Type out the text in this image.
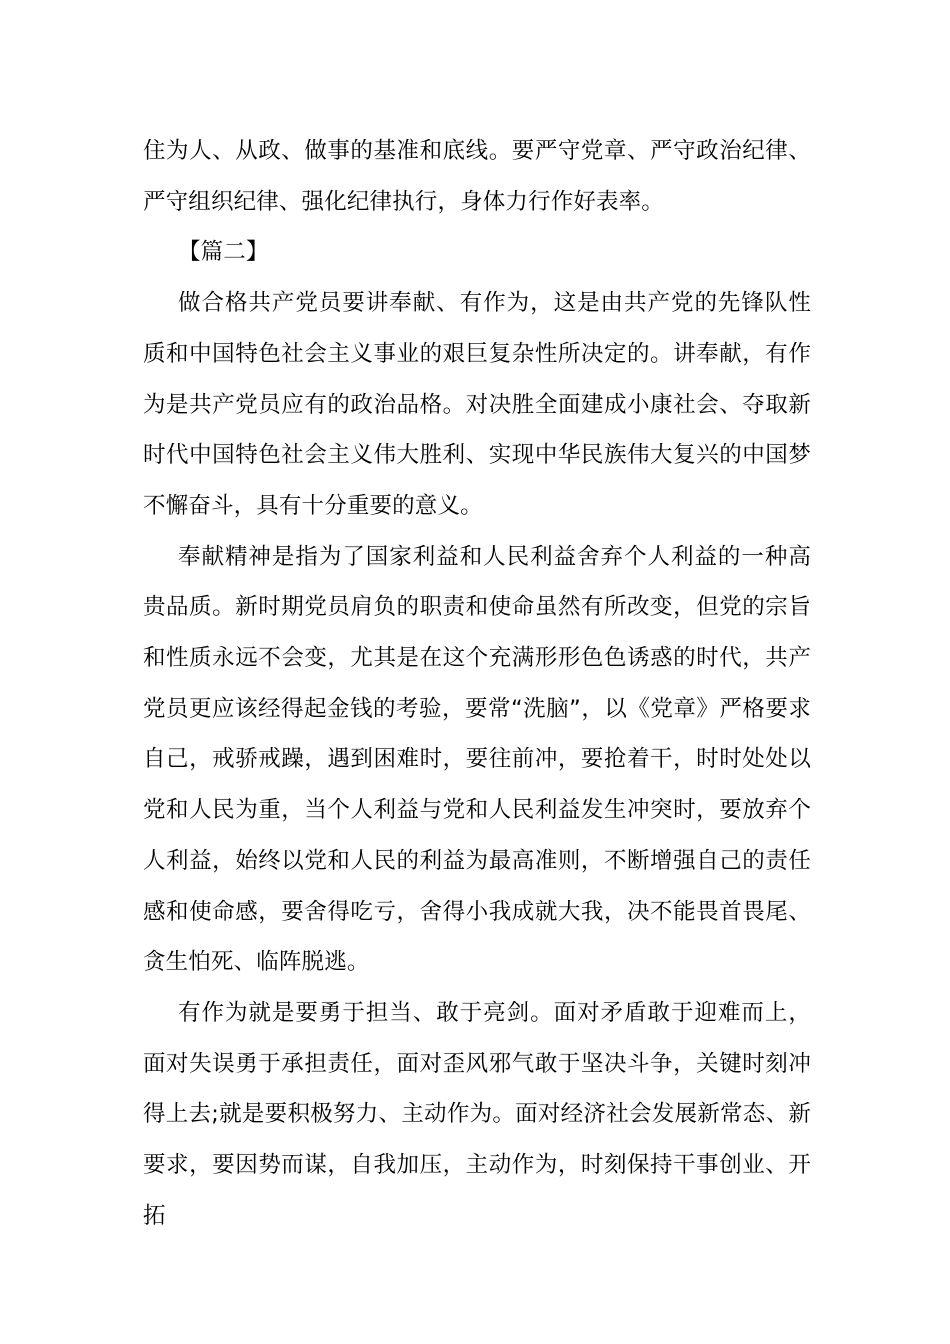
住为人、从政、做事的基准和底线。要严守党章、严守政治纪律、严守组织纪律、强化纪律执行，身体力行作好表率。

【篇二】

做合格共产党员要讲奉献、有作为，这是由共产党的先锋队性质和中国特色社会主义事业的艰巨复杂性所决定的。讲奉献，有作为是共产党员应有的政治品格。对决胜全面建成小康社会、夺取新时代中国特色社会主义伟大胜利、实现中华民族伟大复兴的中国梦不懈奋斗，具有十分重要的意义。

奉献精神是指为了国家利益和人民利益舍弃个人利益的一种高贵品质。新时期党员肩负的职责和使命虽然有所改变，但党的宗旨和性质永远不会变，尤其是在这个充满形形色色诱惑的时代，共产党员更应该经得起金钱的考验，要常“洗脑”，以《党章》严格要求自己，戒骄戒躁，遇到困难时，要往前冲，要抢着干，时时处处以党和人民为重，当个人利益与党和人民利益发生冲突时，要放弃个人利益，始终以党和人民的利益为最高准则，不断增强自己的责任感和使命感，要舍得吃亏，舍得小我成就大我，决不能畏首畏尾、贪生怕死、临阵脱逃。

有作为就是要勇于担当、敢于亮剑。面对矛盾敢于迎难而上，面对失误勇于承担责任，面对歪风邪气敢于坚决斗争，关键时刻冲得上去;就是要积极努力、主动作为。面对经济社会发展新常态、新要求，要因势而谋，自我加压，主动作为，时刻保持干事创业、开拓
